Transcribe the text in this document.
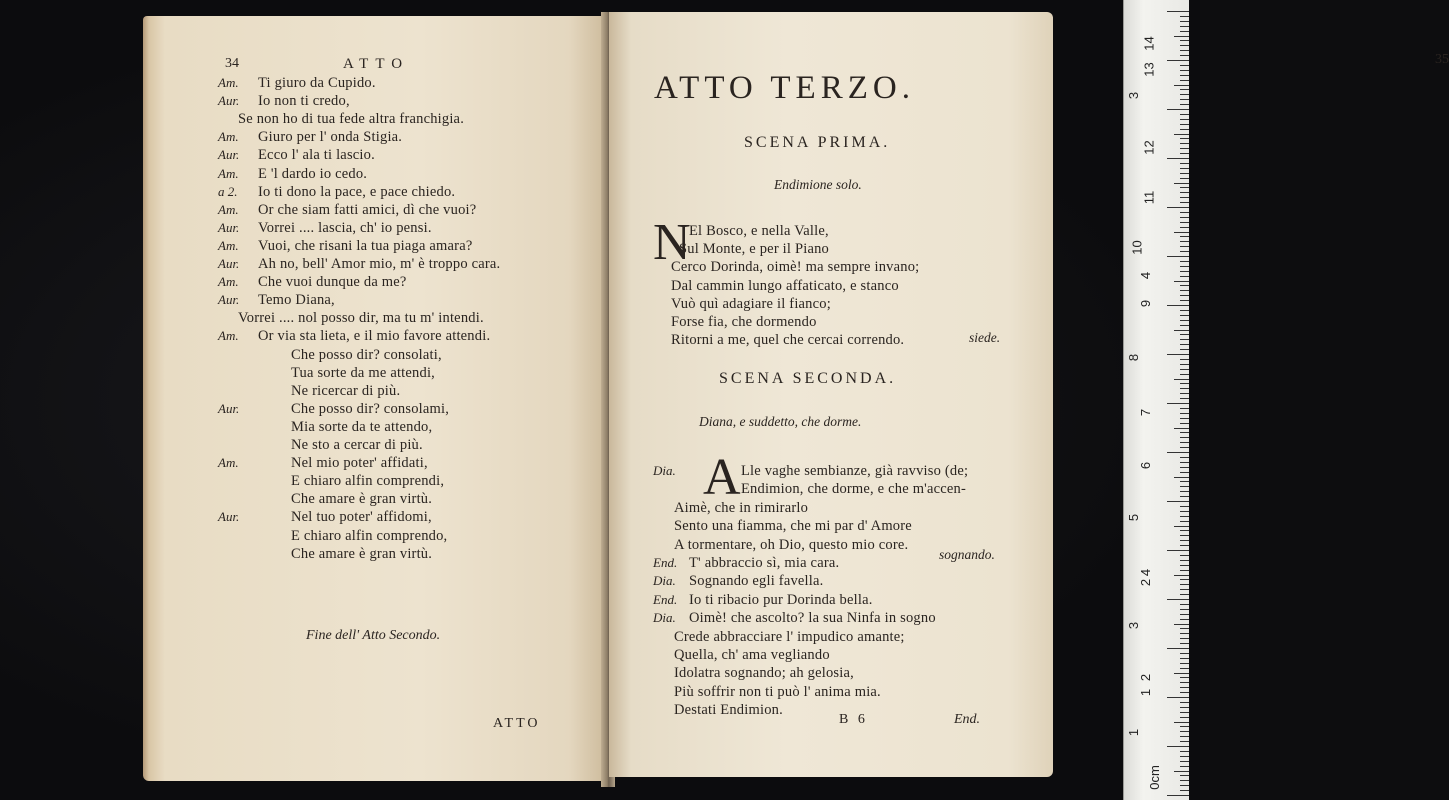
34	ATTO
Am. Ti giuro da Cupido.
Aur. Io non ti credo,
Se non ho di tua fede altra franchigia.
Am. Giuro per l' onda Stigia.
Aur. Ecco l' ala ti lascio.
Am. E 'l dardo io cedo.
a 2. Io ti dono la pace, e pace chiedo.
Am. Or che siam fatti amici, dì che vuoi?
Aur. Vorrei .... lascia, ch' io pensi.
Am. Vuoi, che risani la tua piaga amara?
Aur. Ah no, bell' Amor mio, m' è troppo cara.
Am. Che vuoi dunque da me?
Aur. Temo Diana,
Vorrei .... nol posso dir, ma tu m' intendi.
Am. Or via sta lieta, e il mio favore attendi.
Che posso dir? consolati,
Tua sorte da me attendi,
Ne ricercar di più.
Aur.	Che posso dir? consolami,
Mia sorte da te attendo,
Ne sto a cercar di più.
Am.	Nel mio poter' affidati,
E chiaro alfin comprendi,
Che amare è gran virtù.
Aur.	Nel tuo poter' affidomi,
E chiaro alfin comprendo,
Che amare è gran virtù.
Fine dell' Atto Secondo.
ATTO
35
ATTO TERZO.
SCENA PRIMA.
Endimione solo.
N
El Bosco, e nella Valle,
Sul Monte, e per il Piano
Cerco Dorinda, oimè! ma sempre invano;
Dal cammin lungo affaticato, e stanco
Vuò quì adagiare il fianco;
Forse fia, che dormendo
Ritorni a me, quel che cercai correndo.	siede.
SCENA SECONDA.
Diana, e suddetto, che dorme.
A
Dia.	Lle vaghe sembianze, già ravviso (de;
Endimion, che dorme, e che m'accen-
Aimè, che in rimirarlo
Sento una fiamma, che mi par d' Amore
A tormentare, oh Dio, questo mio core.
End. T' abbraccio sì, mia cara.
Dia. Sognando egli favella.
End. Io ti ribacio pur Dorinda bella.
Dia. Oimè! che ascolto? la sua Ninfa in sogno
Crede abbracciare l' impudico amante;
Quella, ch' ama vegliando
Idolatra sognando; ah gelosia,
Più soffrir non ti può l' anima mia.
Destati Endimion.
sognando.
B 6	End.
14
13
3
12
11
10
4
9
8
7
6
5
2
4
3
2
1
1
0cm
